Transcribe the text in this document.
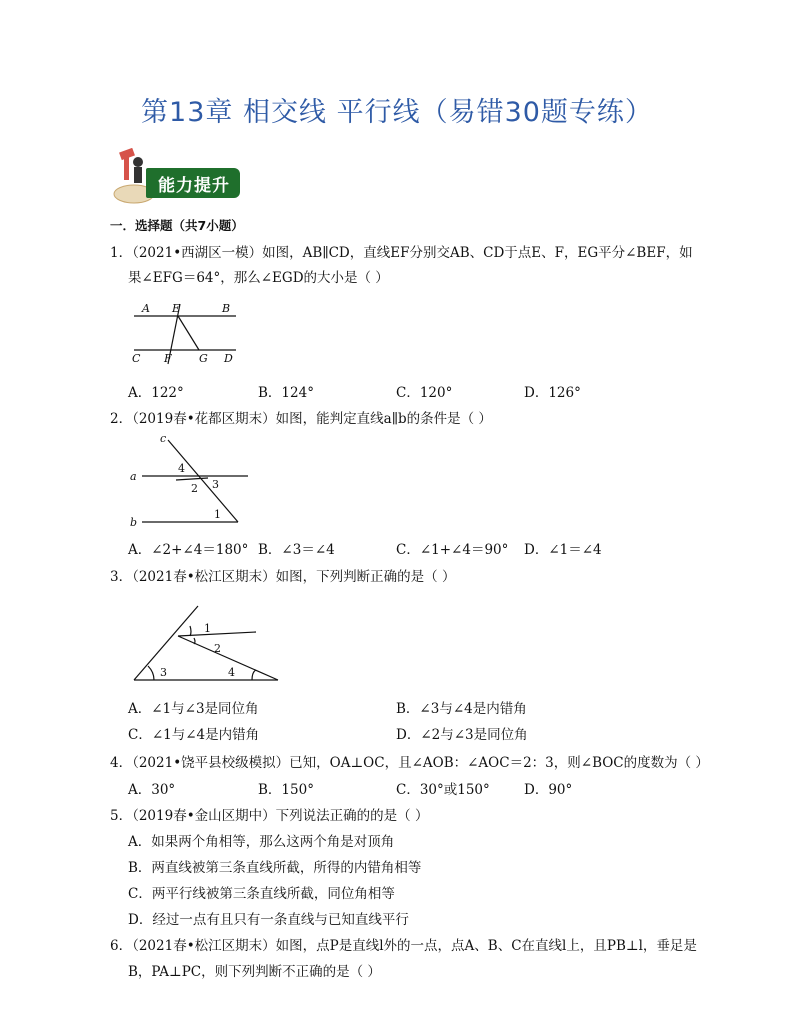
第13章 相交线 平行线（易错30题专练）
能力提升
一．选择题（共7小题）
1．（2021•西湖区一模）如图，AB∥CD，直线EF分别交AB、CD于点E、F，EG平分∠BEF，如
果∠EFG＝64°，那么∠EGD的大小是（ ）
A E	B
C F G D
A．122°	B．124°	C．120°	D．126°
2．（2019春•花都区期末）如图，能判定直线a∥b的条件是（ ）
c
a
b
4
2 3
1
A．∠2+∠4＝180° B．∠3＝∠4	C．∠1+∠4＝90° D．∠1＝∠4
3．（2021春•松江区期末）如图，下列判断正确的是（ ）
1
2
3	4
A．∠1与∠3是同位角	B．∠3与∠4是内错角
C．∠1与∠4是内错角	D．∠2与∠3是同位角
4．（2021•饶平县校级模拟）已知，OA⊥OC，且∠AOB：∠AOC＝2：3，则∠BOC的度数为（ ）
A．30°	B．150°	C．30°或150°	D．90°
5．（2019春•金山区期中）下列说法正确的的是（ ）
A．如果两个角相等，那么这两个角是对顶角
B．两直线被第三条直线所截，所得的内错角相等
C．两平行线被第三条直线所截，同位角相等
D．经过一点有且只有一条直线与已知直线平行
6．（2021春•松江区期末）如图，点P是直线l外的一点，点A、B、C在直线l上，且PB⊥l，垂足是
B，PA⊥PC，则下列判断不正确的是（ ）
